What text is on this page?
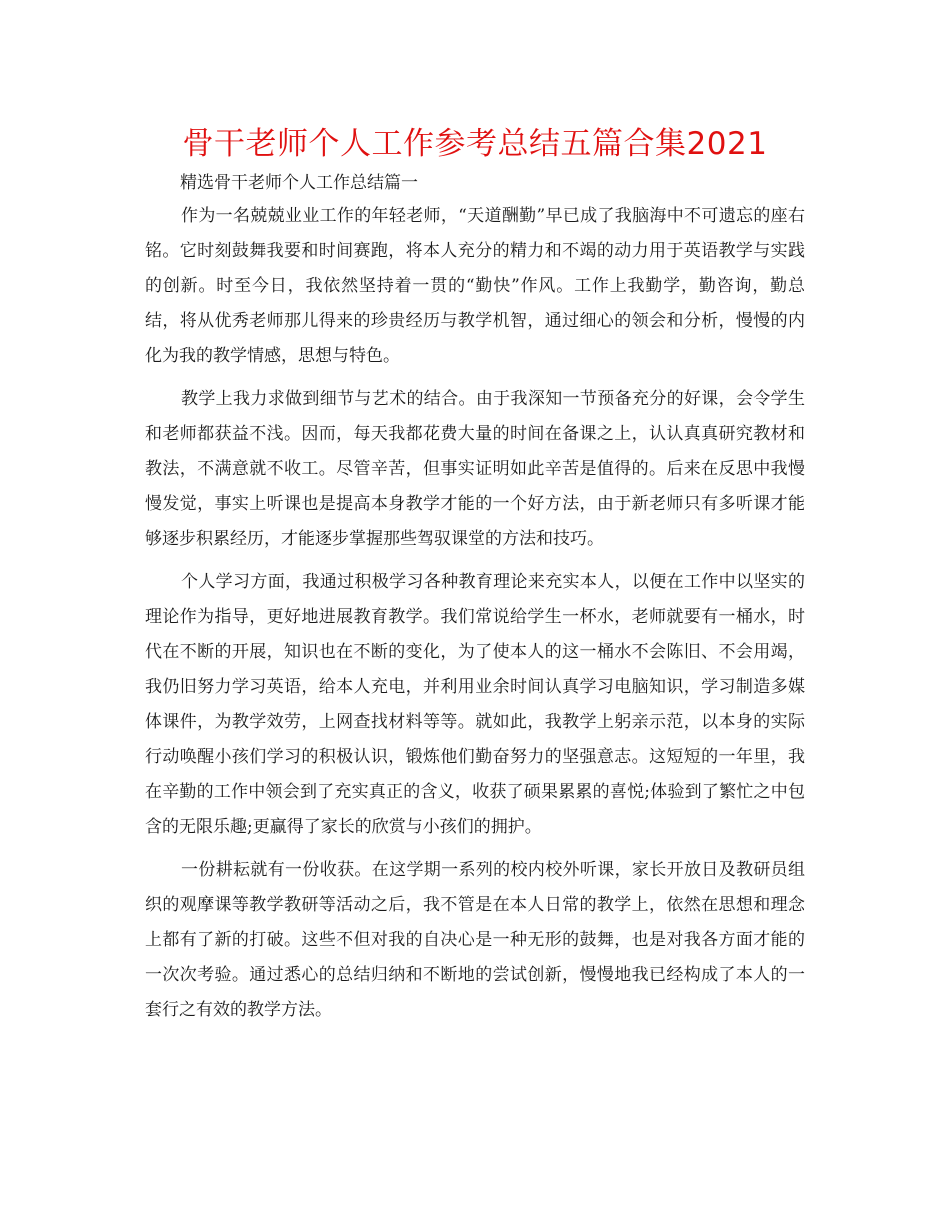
骨干老师个人工作参考总结五篇合集2021

精选骨干老师个人工作总结篇一

作为一名兢兢业业工作的年轻老师，“天道酬勤”早已成了我脑海中不可遗忘的座右铭。它时刻鼓舞我要和时间赛跑，将本人充分的精力和不竭的动力用于英语教学与实践的创新。时至今日，我依然坚持着一贯的“勤快”作风。工作上我勤学，勤咨询，勤总结，将从优秀老师那儿得来的珍贵经历与教学机智，通过细心的领会和分析，慢慢的内化为我的教学情感，思想与特色。

教学上我力求做到细节与艺术的结合。由于我深知一节预备充分的好课，会令学生和老师都获益不浅。因而，每天我都花费大量的时间在备课之上，认认真真研究教材和教法，不满意就不收工。尽管辛苦，但事实证明如此辛苦是值得的。后来在反思中我慢慢发觉，事实上听课也是提高本身教学才能的一个好方法，由于新老师只有多听课才能够逐步积累经历，才能逐步掌握那些驾驭课堂的方法和技巧。

个人学习方面，我通过积极学习各种教育理论来充实本人，以便在工作中以坚实的理论作为指导，更好地进展教育教学。我们常说给学生一杯水，老师就要有一桶水，时代在不断的开展，知识也在不断的变化，为了使本人的这一桶水不会陈旧、不会用竭，我仍旧努力学习英语，给本人充电，并利用业余时间认真学习电脑知识，学习制造多媒体课件，为教学效劳，上网查找材料等等。就如此，我教学上躬亲示范，以本身的实际行动唤醒小孩们学习的积极认识，锻炼他们勤奋努力的坚强意志。这短短的一年里，我在辛勤的工作中领会到了充实真正的含义，收获了硕果累累的喜悦;体验到了繁忙之中包含的无限乐趣;更赢得了家长的欣赏与小孩们的拥护。

一份耕耘就有一份收获。在这学期一系列的校内校外听课，家长开放日及教研员组织的观摩课等教学教研等活动之后，我不管是在本人日常的教学上，依然在思想和理念上都有了新的打破。这些不但对我的自决心是一种无形的鼓舞，也是对我各方面才能的一次次考验。通过悉心的总结归纳和不断地的尝试创新，慢慢地我已经构成了本人的一套行之有效的教学方法。
